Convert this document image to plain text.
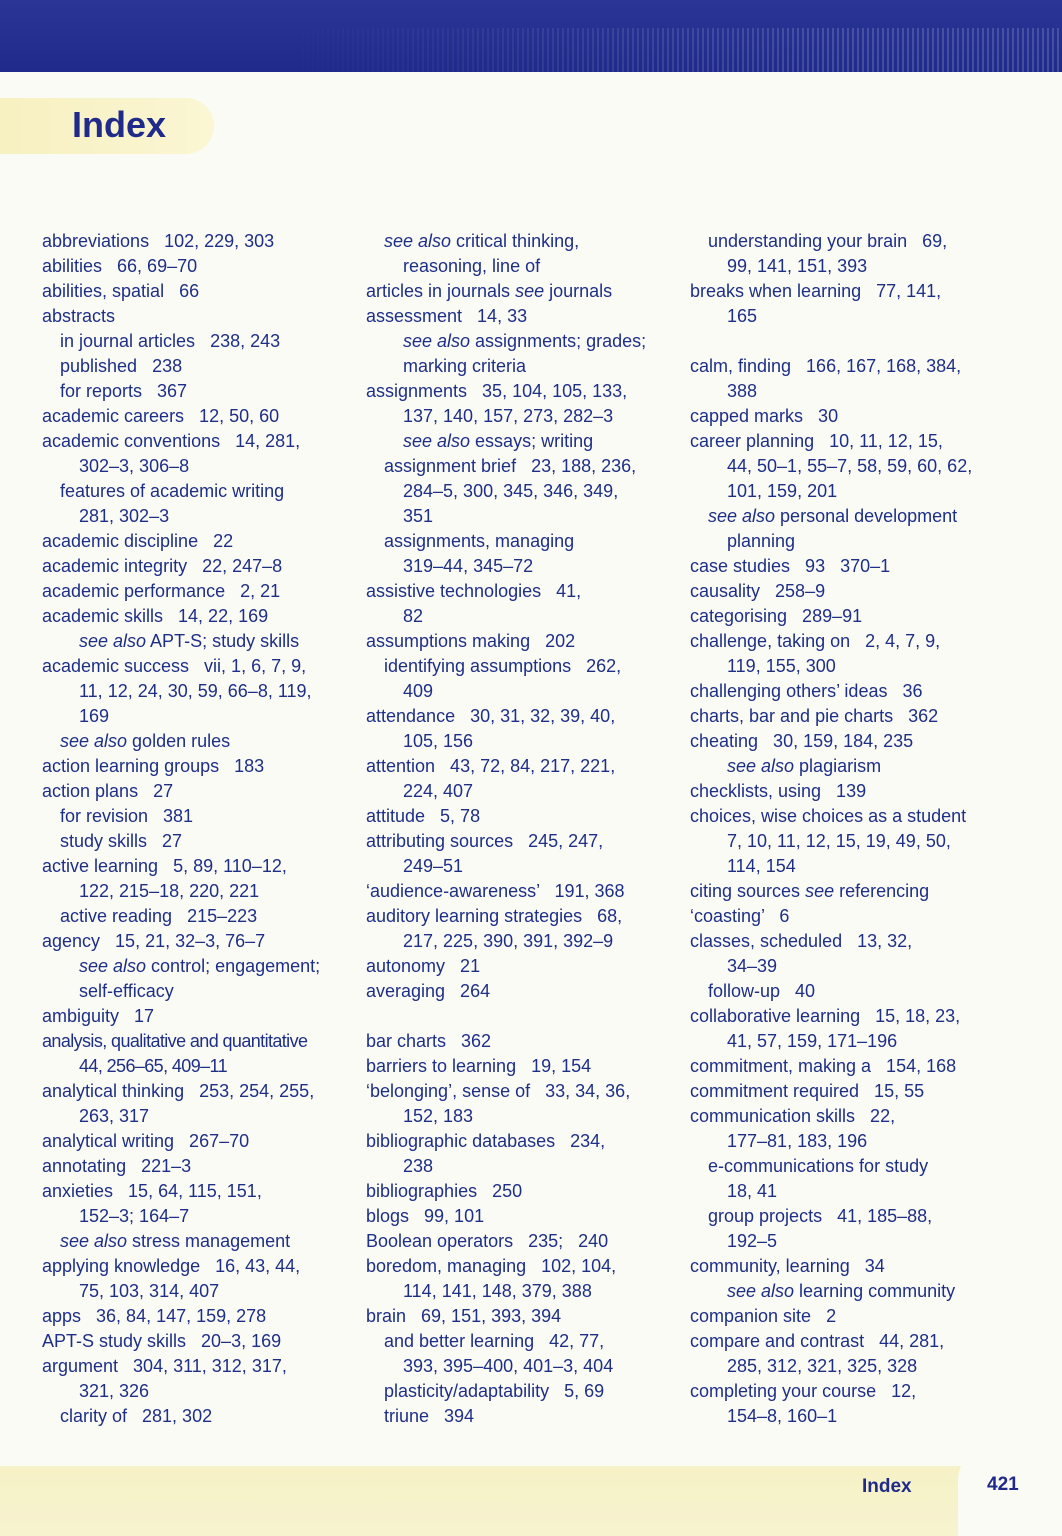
Index

abbreviations   102, 229, 303

abilities   66, 69–70

abilities, spatial   66

abstracts

in journal articles   238, 243

published   238

for reports   367

academic careers   12, 50, 60

academic conventions   14, 281,

302–3, 306–8

features of academic writing

281, 302–3

academic discipline   22

academic integrity   22, 247–8

academic performance   2, 21

academic skills   14, 22, 169

see also APT-S; study skills

academic success   vii, 1, 6, 7, 9,

11, 12, 24, 30, 59, 66–8, 119,

169

see also golden rules

action learning groups   183

action plans   27

for revision   381

study skills   27

active learning   5, 89, 110–12,

122, 215–18, 220, 221

active reading   215–223

agency   15, 21, 32–3, 76–7

see also control; engagement;

self-efficacy

ambiguity   17

analysis, qualitative and quantitative

44, 256–65, 409–11

analytical thinking   253, 254, 255,

263, 317

analytical writing   267–70

annotating   221–3

anxieties   15, 64, 115, 151,

152–3; 164–7

see also stress management

applying knowledge   16, 43, 44,

75, 103, 314, 407

apps   36, 84, 147, 159, 278

APT-S study skills   20–3, 169

argument   304, 311, 312, 317,

321, 326

clarity of   281, 302

see also critical thinking,

reasoning, line of

articles in journals see journals

assessment   14, 33

see also assignments; grades;

marking criteria

assignments   35, 104, 105, 133,

137, 140, 157, 273, 282–3

see also essays; writing

assignment brief   23, 188, 236,

284–5, 300, 345, 346, 349,

351

assignments, managing

319–44, 345–72

assistive technologies   41,

82

assumptions making   202

identifying assumptions   262,

409

attendance   30, 31, 32, 39, 40,

105, 156

attention   43, 72, 84, 217, 221,

224, 407

attitude   5, 78

attributing sources   245, 247,

249–51

‘audience-awareness’   191, 368

auditory learning strategies   68,

217, 225, 390, 391, 392–9

autonomy   21

averaging   264

bar charts   362

barriers to learning   19, 154

‘belonging’, sense of   33, 34, 36,

152, 183

bibliographic databases   234,

238

bibliographies   250

blogs   99, 101

Boolean operators   235;   240

boredom, managing   102, 104,

114, 141, 148, 379, 388

brain   69, 151, 393, 394

and better learning   42, 77,

393, 395–400, 401–3, 404

plasticity/adaptability   5, 69

triune   394

understanding your brain   69,

99, 141, 151, 393

breaks when learning   77, 141,

165

calm, finding   166, 167, 168, 384,

388

capped marks   30

career planning   10, 11, 12, 15,

44, 50–1, 55–7, 58, 59, 60, 62,

101, 159, 201

see also personal development

planning

case studies   93   370–1

causality   258–9

categorising   289–91

challenge, taking on   2, 4, 7, 9,

119, 155, 300

challenging others’ ideas   36

charts, bar and pie charts   362

cheating   30, 159, 184, 235

see also plagiarism

checklists, using   139

choices, wise choices as a student

7, 10, 11, 12, 15, 19, 49, 50,

114, 154

citing sources see referencing

‘coasting’   6

classes, scheduled   13, 32,

34–39

follow-up   40

collaborative learning   15, 18, 23,

41, 57, 159, 171–196

commitment, making a   154, 168

commitment required   15, 55

communication skills   22,

177–81, 183, 196

e-communications for study

18, 41

group projects   41, 185–88,

192–5

community, learning   34

see also learning community

companion site   2

compare and contrast   44, 281,

285, 312, 321, 325, 328

completing your course   12,

154–8, 160–1

Index	421
